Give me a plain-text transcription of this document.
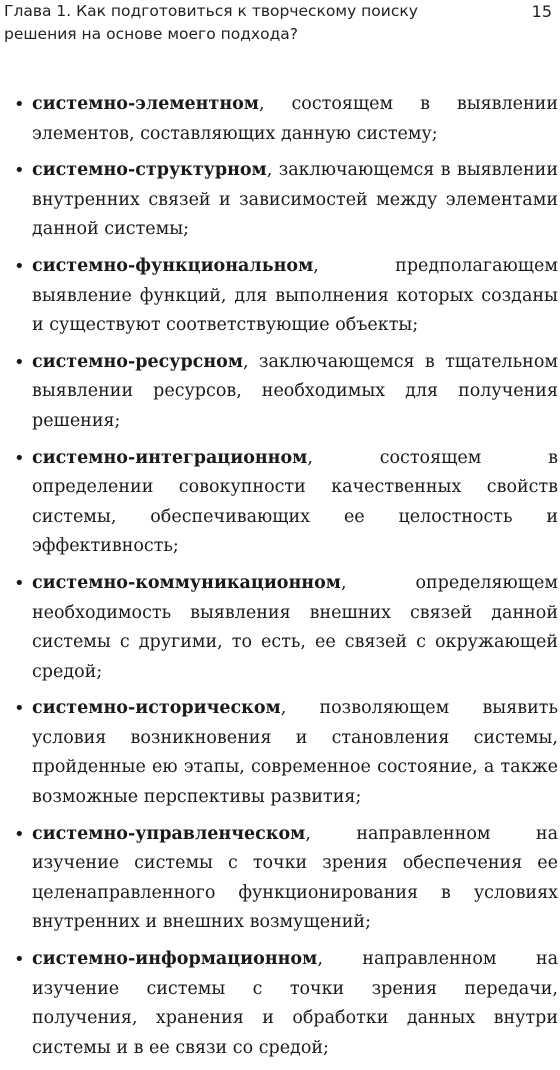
Глава 1. Как подготовиться к творческому поиску решения на основе моего подхода?
15
• системно-элементном, состоящем в выявлении элементов, составляющих данную систему;
• системно-структурном, заключающемся в выявлении внутренних связей и зависимостей между элементами данной системы;
• системно-функциональном, предполагающем выявление функций, для выполнения которых созданы и существуют соответствующие объекты;
• системно-ресурсном, заключающемся в тщательном выявлении ресурсов, необходимых для получения решения;
• системно-интеграционном, состоящем в определении совокупности качественных свойств системы, обеспечивающих ее целостность и эффективность;
• системно-коммуникационном, определяющем необходимость выявления внешних связей данной системы с другими, то есть, ее связей с окружающей средой;
• системно-историческом, позволяющем выявить условия возникновения и становления системы, пройденные ею этапы, современное состояние, а также возможные перспективы развития;
• системно-управленческом, направленном на изучение системы с точки зрения обеспечения ее целенаправленного функционирования в условиях внутренних и внешних возмущений;
• системно-информационном, направленном на изучение системы с точки зрения передачи, получения, хранения и обработки данных внутри системы и в ее связи со средой;
